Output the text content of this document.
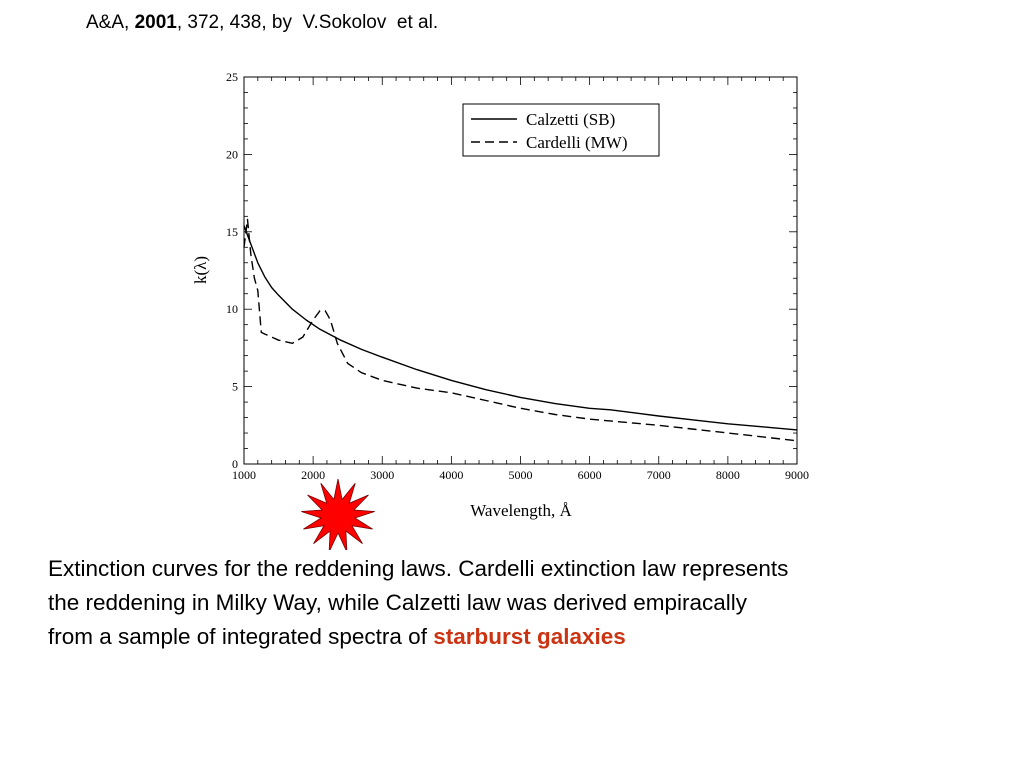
A&A, 2001, 372, 438, by  V.Sokolov  et al.
1000	2000	3000	4000	5000	6000	7000	8000	9000
0
5
10
15
20
25
Wavelength, Å
k(λ)
Calzetti (SB)
Cardelli (MW)
Extinction curves for the reddening laws. Cardelli extinction law represents
the reddening in Milky Way, while Calzetti law was derived empiracally
from a sample of integrated spectra of starburst galaxies
